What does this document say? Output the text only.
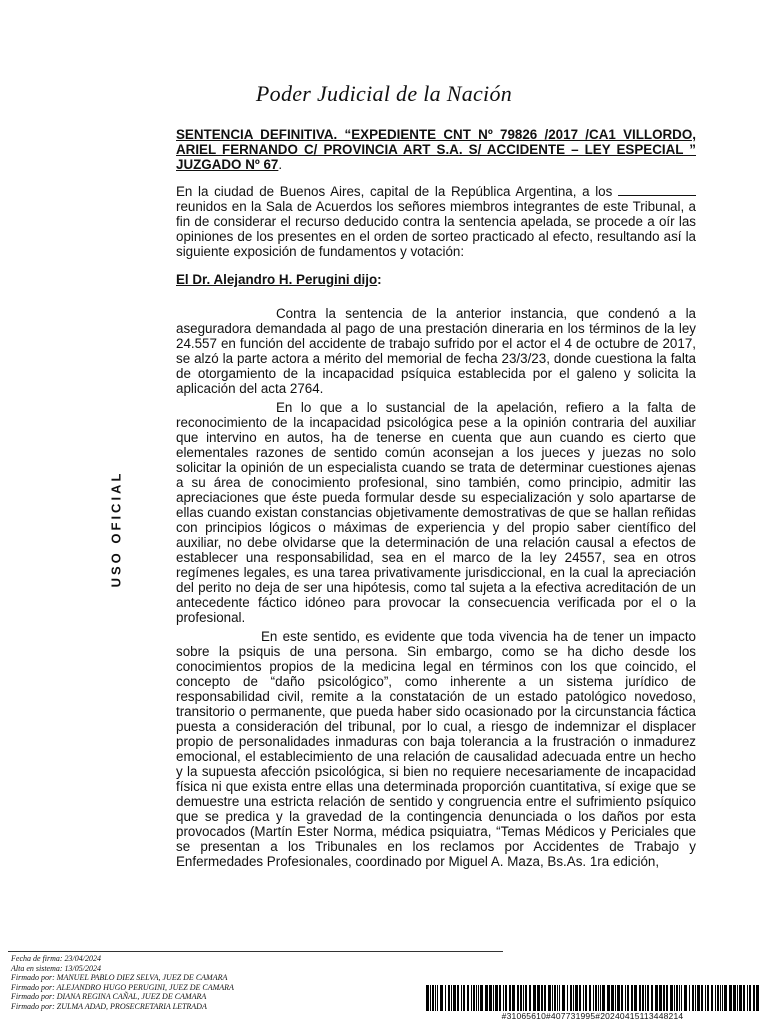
Poder Judicial de la Nación
USO OFICIAL

SENTENCIA DEFINITIVA. “EXPEDIENTE CNT Nº 79826 /2017 /CA1 VILLORDO, ARIEL FERNANDO C/ PROVINCIA ART S.A. S/ ACCIDENTE – LEY ESPECIAL ” JUZGADO Nº 67.

En la ciudad de Buenos Aires, capital de la República Argentina, a los reunidos en la Sala de Acuerdos los señores miembros integrantes de este Tribunal, a fin de considerar el recurso deducido contra la sentencia apelada, se procede a oír las opiniones de los presentes en el orden de sorteo practicado al efecto, resultando así la siguiente exposición de fundamentos y votación:

El Dr. Alejandro H. Perugini dijo:

Contra la sentencia de la anterior instancia, que condenó a la aseguradora demandada al pago de una prestación dineraria en los términos de la ley 24.557 en función del accidente de trabajo sufrido por el actor el 4 de octubre de 2017, se alzó la parte actora a mérito del memorial de fecha 23/3/23, donde cuestiona la falta de otorgamiento de la incapacidad psíquica establecida por el galeno y solicita la aplicación del acta 2764.

En lo que a lo sustancial de la apelación, refiero a la falta de reconocimiento de la incapacidad psicológica pese a la opinión contraria del auxiliar que intervino en autos, ha de tenerse en cuenta que aun cuando es cierto que elementales razones de sentido común aconsejan a los jueces y juezas no solo solicitar la opinión de un especialista cuando se trata de determinar cuestiones ajenas a su área de conocimiento profesional, sino también, como principio, admitir las apreciaciones que éste pueda formular desde su especialización y solo apartarse de ellas cuando existan constancias objetivamente demostrativas de que se hallan reñidas con principios lógicos o máximas de experiencia y del propio saber científico del auxiliar, no debe olvidarse que la determinación de una relación causal a efectos de establecer una responsabilidad, sea en el marco de la ley 24557, sea en otros regímenes legales, es una tarea privativamente jurisdiccional, en la cual la apreciación del perito no deja de ser una hipótesis, como tal sujeta a la efectiva acreditación de un antecedente fáctico idóneo para provocar la consecuencia verificada por el o la profesional.

En este sentido, es evidente que toda vivencia ha de tener un impacto sobre la psiquis de una persona. Sin embargo, como se ha dicho desde los conocimientos propios de la medicina legal en términos con los que coincido, el concepto de “daño psicológico”, como inherente a un sistema jurídico de responsabilidad civil, remite a la constatación de un estado patológico novedoso, transitorio o permanente, que pueda haber sido ocasionado por la circunstancia fáctica puesta a consideración del tribunal, por lo cual, a riesgo de indemnizar el displacer propio de personalidades inmaduras con baja tolerancia a la frustración o inmadurez emocional, el establecimiento de una relación de causalidad adecuada entre un hecho y la supuesta afección psicológica, si bien no requiere necesariamente de incapacidad física ni que exista entre ellas una determinada proporción cuantitativa, sí exige que se demuestre una estricta relación de sentido y congruencia entre el sufrimiento psíquico que se predica y la gravedad de la contingencia denunciada o los daños por esta provocados (Martín Ester Norma, médica psiquiatra, “Temas Médicos y Periciales que se presentan a los Tribunales en los reclamos por Accidentes de Trabajo y Enfermedades Profesionales, coordinado por Miguel A. Maza, Bs.As. 1ra edición,

Fecha de firma: 23/04/2024
Alta en sistema: 13/05/2024
Firmado por: MANUEL PABLO DIEZ SELVA, JUEZ DE CAMARA
Firmado por: ALEJANDRO HUGO PERUGINI, JUEZ DE CAMARA
Firmado por: DIANA REGINA CAÑAL, JUEZ DE CAMARA
Firmado por: ZULMA ADAD, PROSECRETARIA LETRADA
#31065610#407731995#20240415113448214
